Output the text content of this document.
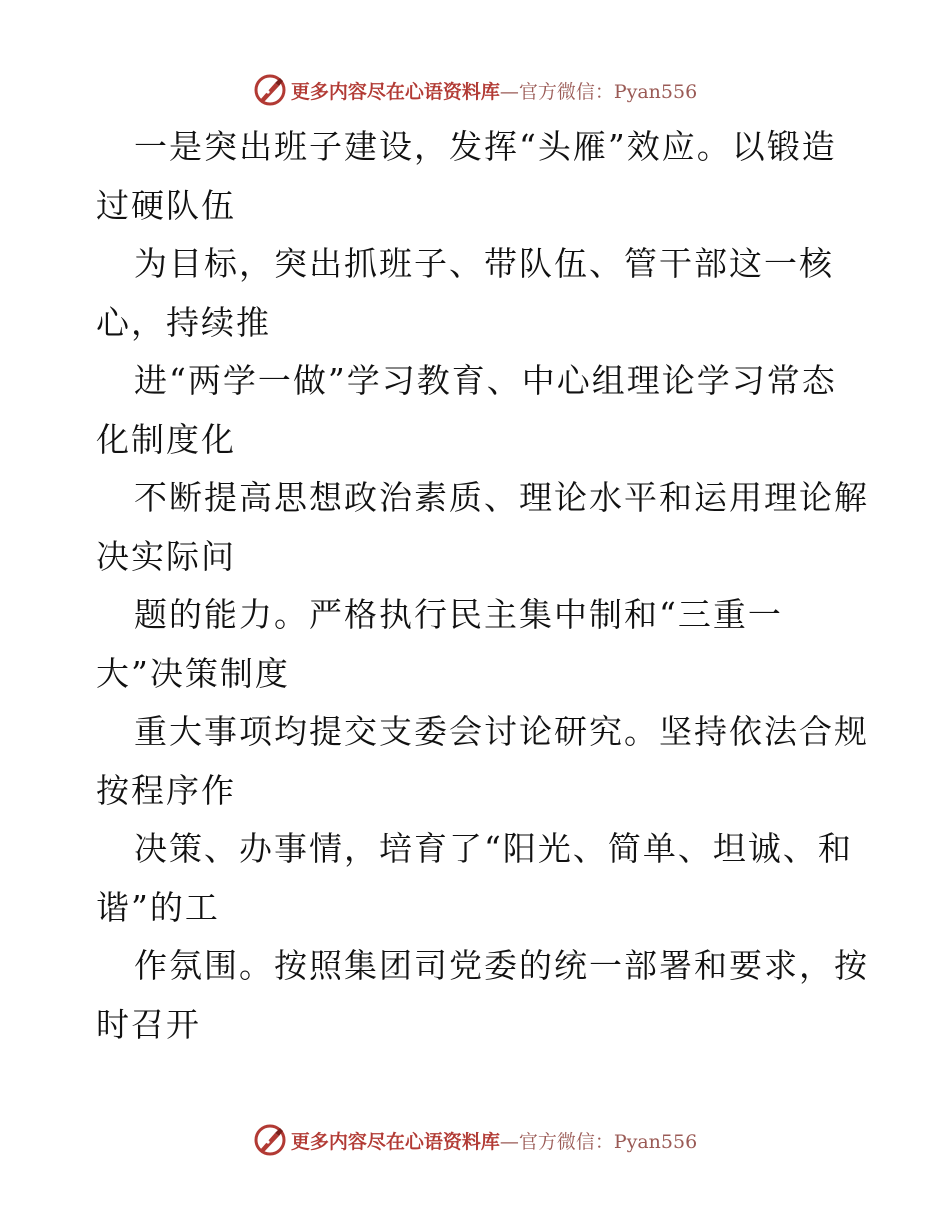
更多内容尽在心语资料库—官方微信：Pyan556
一是突出班子建设，发挥“头雁”效应。以锻造
过硬队伍
为目标，突出抓班子、带队伍、管干部这一核
心，持续推
进“两学一做”学习教育、中心组理论学习常态
化制度化
不断提高思想政治素质、理论水平和运用理论解
决实际问
题的能力。严格执行民主集中制和“三重一
大”决策制度
重大事项均提交支委会讨论研究。坚持依法合规
按程序作
决策、办事情，培育了“阳光、简单、坦诚、和
谐”的工
作氛围。按照集团司党委的统一部署和要求，按
时召开
更多内容尽在心语资料库—官方微信：Pyan556
